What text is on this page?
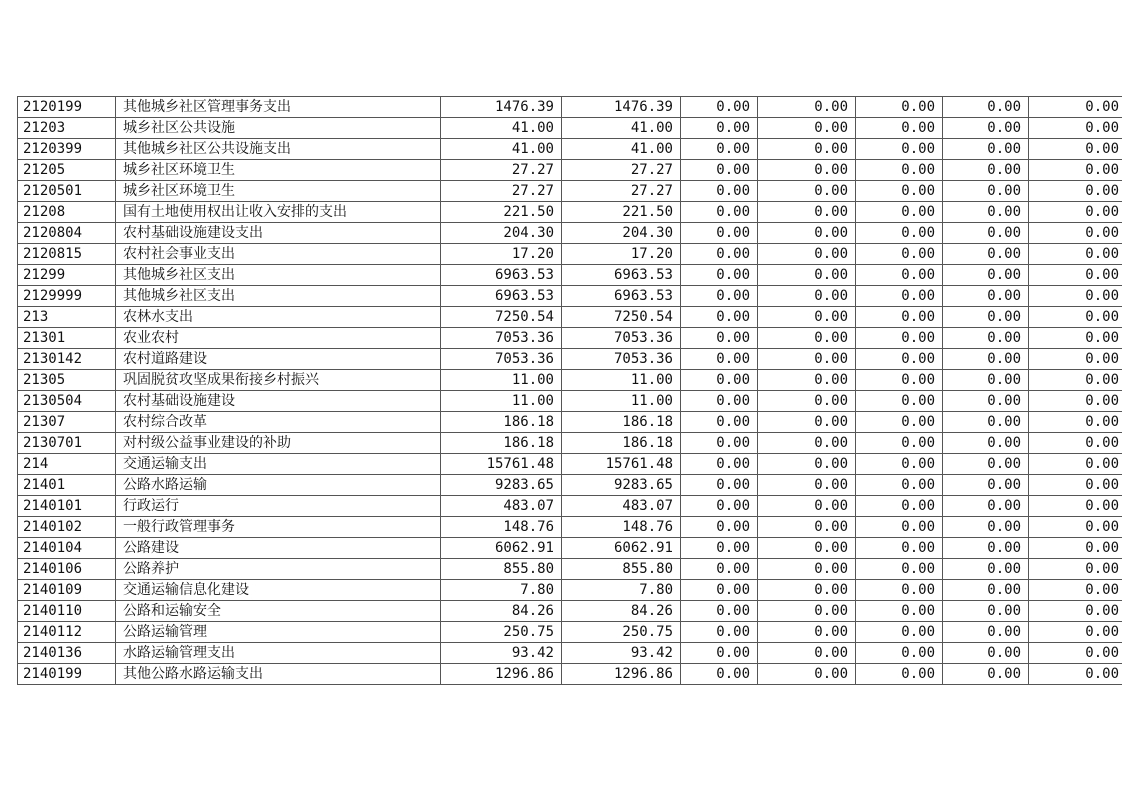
2120199	其他城乡社区管理事务支出	1476.39	1476.39	0.00	0.00	0.00	0.00	0.00
21203	城乡社区公共设施	41.00	41.00	0.00	0.00	0.00	0.00	0.00
2120399	其他城乡社区公共设施支出	41.00	41.00	0.00	0.00	0.00	0.00	0.00
21205	城乡社区环境卫生	27.27	27.27	0.00	0.00	0.00	0.00	0.00
2120501	城乡社区环境卫生	27.27	27.27	0.00	0.00	0.00	0.00	0.00
21208	国有土地使用权出让收入安排的支出	221.50	221.50	0.00	0.00	0.00	0.00	0.00
2120804	农村基础设施建设支出	204.30	204.30	0.00	0.00	0.00	0.00	0.00
2120815	农村社会事业支出	17.20	17.20	0.00	0.00	0.00	0.00	0.00
21299	其他城乡社区支出	6963.53	6963.53	0.00	0.00	0.00	0.00	0.00
2129999	其他城乡社区支出	6963.53	6963.53	0.00	0.00	0.00	0.00	0.00
213	农林水支出	7250.54	7250.54	0.00	0.00	0.00	0.00	0.00
21301	农业农村	7053.36	7053.36	0.00	0.00	0.00	0.00	0.00
2130142	农村道路建设	7053.36	7053.36	0.00	0.00	0.00	0.00	0.00
21305	巩固脱贫攻坚成果衔接乡村振兴	11.00	11.00	0.00	0.00	0.00	0.00	0.00
2130504	农村基础设施建设	11.00	11.00	0.00	0.00	0.00	0.00	0.00
21307	农村综合改革	186.18	186.18	0.00	0.00	0.00	0.00	0.00
2130701	对村级公益事业建设的补助	186.18	186.18	0.00	0.00	0.00	0.00	0.00
214	交通运输支出	15761.48	15761.48	0.00	0.00	0.00	0.00	0.00
21401	公路水路运输	9283.65	9283.65	0.00	0.00	0.00	0.00	0.00
2140101	行政运行	483.07	483.07	0.00	0.00	0.00	0.00	0.00
2140102	一般行政管理事务	148.76	148.76	0.00	0.00	0.00	0.00	0.00
2140104	公路建设	6062.91	6062.91	0.00	0.00	0.00	0.00	0.00
2140106	公路养护	855.80	855.80	0.00	0.00	0.00	0.00	0.00
2140109	交通运输信息化建设	7.80	7.80	0.00	0.00	0.00	0.00	0.00
2140110	公路和运输安全	84.26	84.26	0.00	0.00	0.00	0.00	0.00
2140112	公路运输管理	250.75	250.75	0.00	0.00	0.00	0.00	0.00
2140136	水路运输管理支出	93.42	93.42	0.00	0.00	0.00	0.00	0.00
2140199	其他公路水路运输支出	1296.86	1296.86	0.00	0.00	0.00	0.00	0.00
